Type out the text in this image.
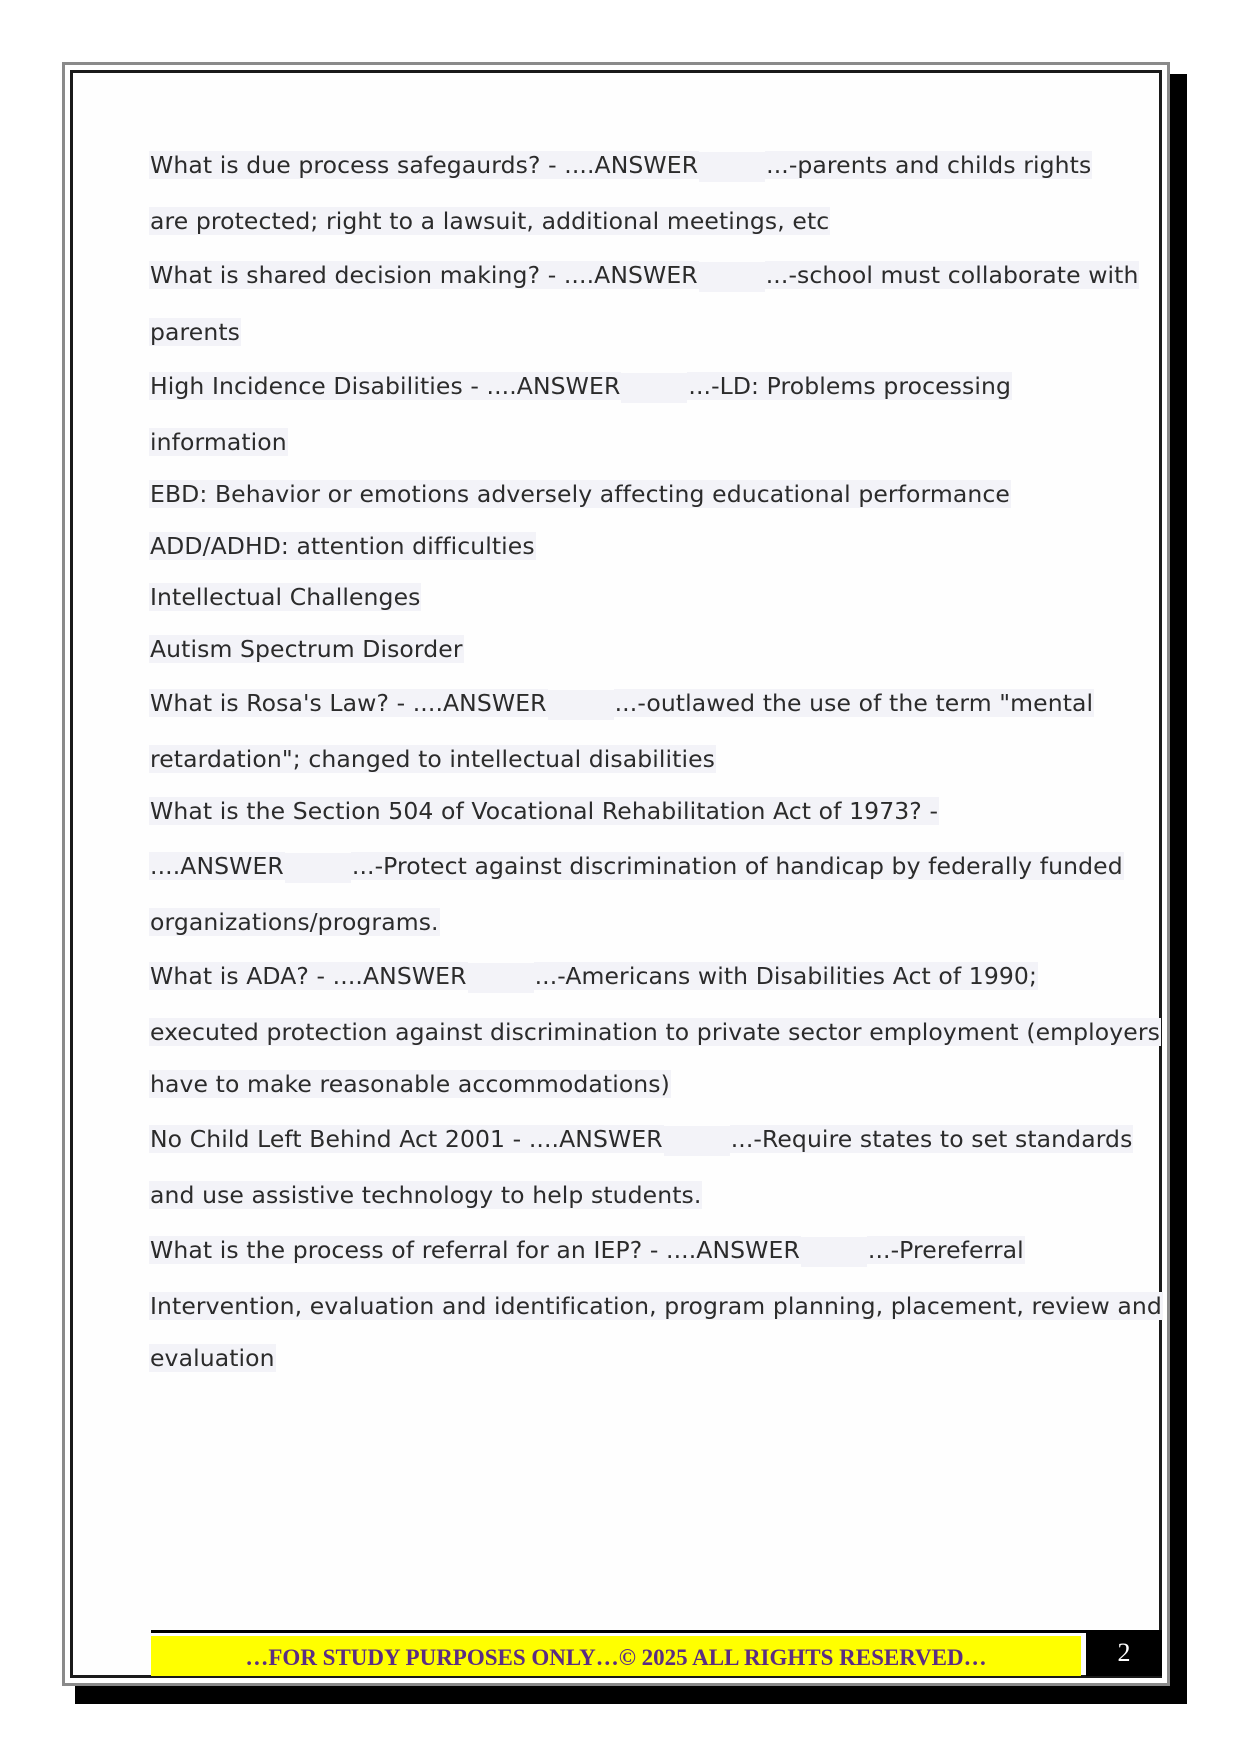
What is due process safegaurds? - ....ANSWER	...-parents and childs rights
are protected; right to a lawsuit, additional meetings, etc
What is shared decision making? - ....ANSWER	...-school must collaborate with
parents
High Incidence Disabilities - ....ANSWER	...-LD: Problems processing
information
EBD: Behavior or emotions adversely affecting educational performance
ADD/ADHD: attention difficulties
Intellectual Challenges
Autism Spectrum Disorder
What is Rosa's Law? - ....ANSWER	...-outlawed the use of the term "mental
retardation"; changed to intellectual disabilities
What is the Section 504 of Vocational Rehabilitation Act of 1973? -
....ANSWER	...-Protect against discrimination of handicap by federally funded
organizations/programs.
What is ADA? - ....ANSWER	...-Americans with Disabilities Act of 1990;
executed protection against discrimination to private sector employment (employers
have to make reasonable accommodations)
No Child Left Behind Act 2001 - ....ANSWER	...-Require states to set standards
and use assistive technology to help students.
What is the process of referral for an IEP? - ....ANSWER	...-Prereferral
Intervention, evaluation and identification, program planning, placement, review and
evaluation
…FOR STUDY PURPOSES ONLY…© 2025 ALL RIGHTS RESERVED…	2
